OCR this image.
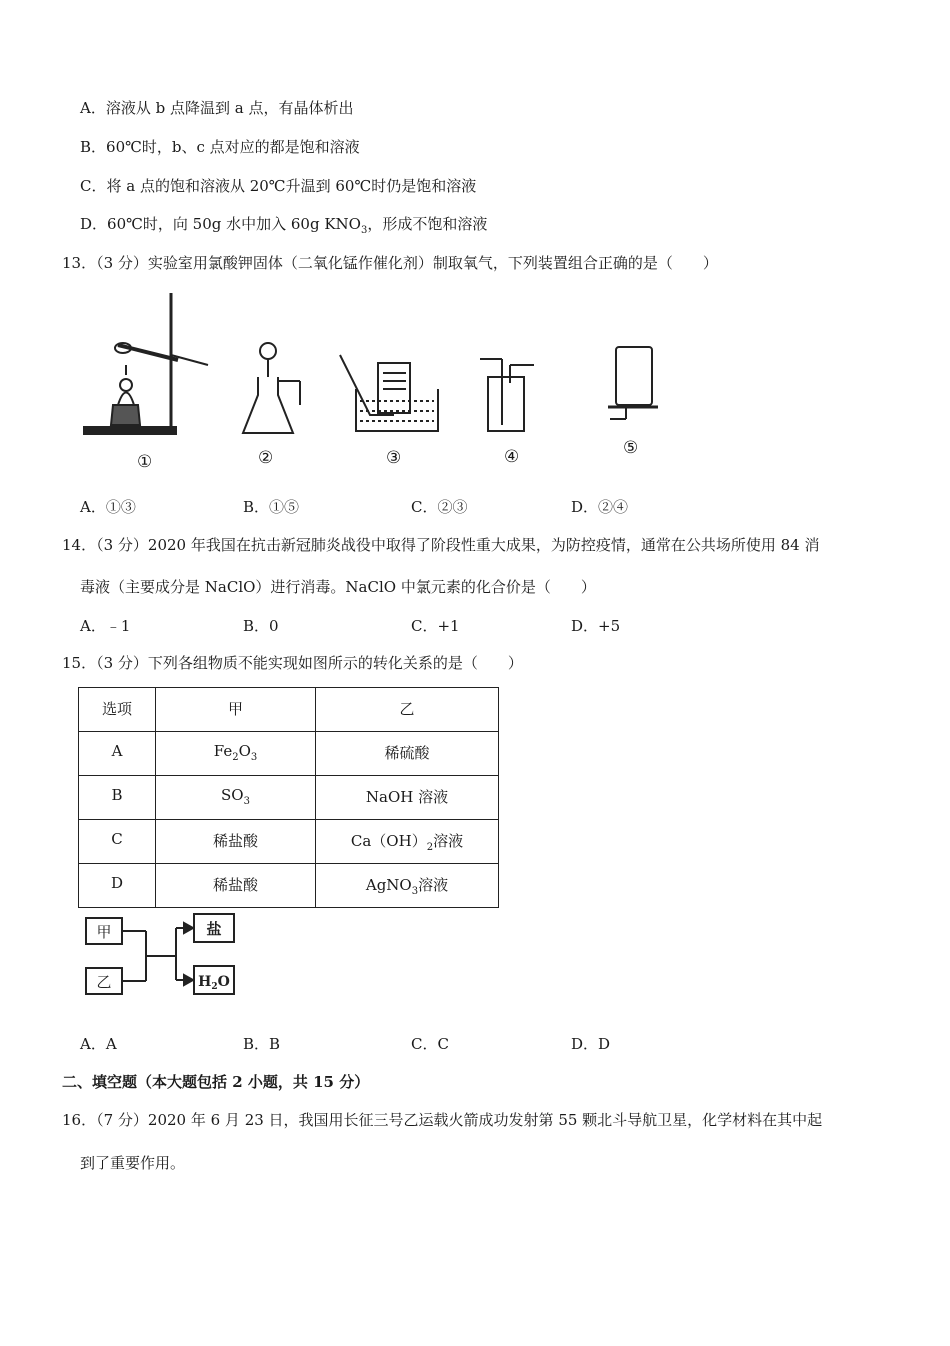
A．溶液从 b 点降温到 a 点，有晶体析出
B．60℃时，b、c 点对应的都是饱和溶液
C．将 a 点的饱和溶液从 20℃升温到 60℃时仍是饱和溶液
D．60℃时，向 50g 水中加入 60g $KNO_3$，形成不饱和溶液
13．（3 分）实验室用氯酸钾固体（二氧化锰作催化剂）制取氧气，下列装置组合正确的是（　　）
①	②	③	④	⑤
A．①③	B．①⑤	C．②③	D．②④
14．（3 分）2020 年我国在抗击新冠肺炎战役中取得了阶段性重大成果，为防控疫情，通常在公共场所使用 84 消
毒液（主要成分是 NaClO）进行消毒。NaClO 中氯元素的化合价是（　　）
A．﹣1	B．0	C．+1	D．+5
15．（3 分）下列各组物质不能实现如图所示的转化关系的是（　　）
选项	甲	乙
A	$Fe_2O_3$	稀硫酸
B	$SO_3$	NaOH 溶液
C	稀盐酸	$Ca(OH)_2$溶液
D	稀盐酸	AgNO$_3$溶液
甲
乙
盐
$H_2O$
A．A	B．B	C．C	D．D
二、填空题（本大题包括 2 小题，共 15 分）
16．（7 分）2020 年 6 月 23 日，我国用长征三号乙运载火箭成功发射第 55 颗北斗导航卫星，化学材料在其中起
到了重要作用。
